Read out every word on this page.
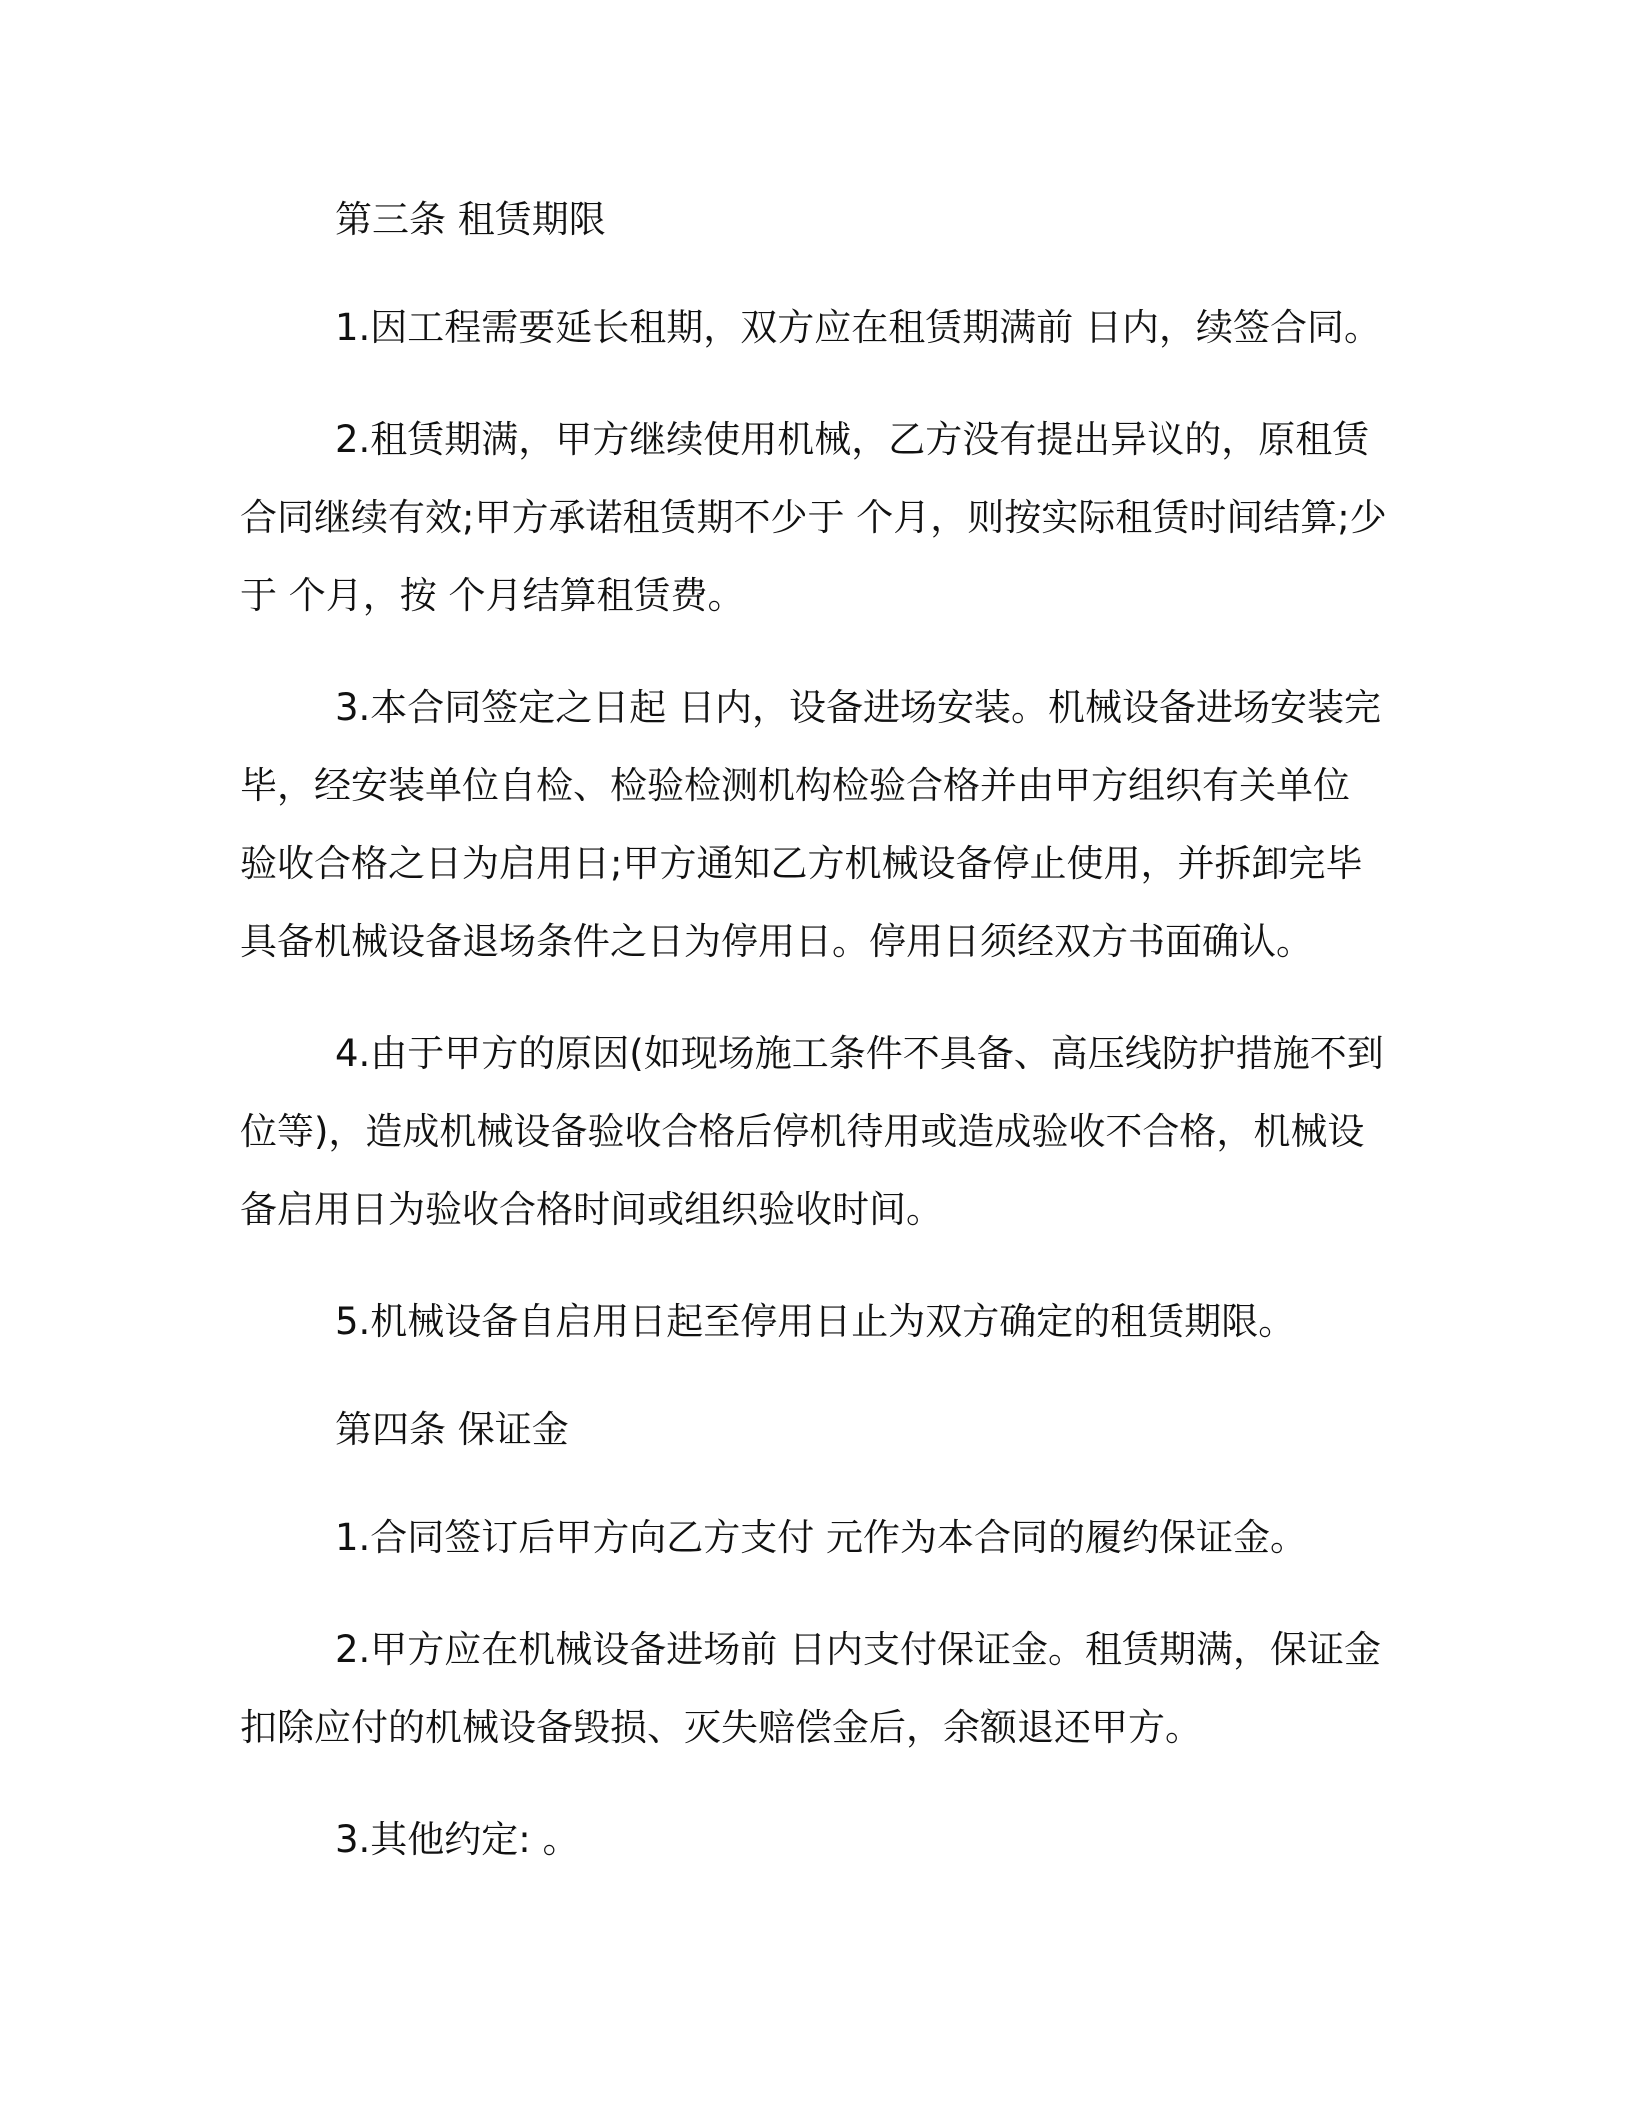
第三条 租赁期限
1.因工程需要延长租期，双方应在租赁期满前 日内，续签合同。
2.租赁期满，甲方继续使用机械，乙方没有提出异议的，原租赁
合同继续有效;甲方承诺租赁期不少于 个月，则按实际租赁时间结算;少
于 个月，按 个月结算租赁费。
3.本合同签定之日起 日内，设备进场安装。机械设备进场安装完
毕，经安装单位自检、检验检测机构检验合格并由甲方组织有关单位
验收合格之日为启用日;甲方通知乙方机械设备停止使用，并拆卸完毕
具备机械设备退场条件之日为停用日。停用日须经双方书面确认。
4.由于甲方的原因(如现场施工条件不具备、高压线防护措施不到
位等)，造成机械设备验收合格后停机待用或造成验收不合格，机械设
备启用日为验收合格时间或组织验收时间。
5.机械设备自启用日起至停用日止为双方确定的租赁期限。
第四条 保证金
1.合同签订后甲方向乙方支付 元作为本合同的履约保证金。
2.甲方应在机械设备进场前 日内支付保证金。租赁期满，保证金
扣除应付的机械设备毁损、灭失赔偿金后，余额退还甲方。
3.其他约定: 。
